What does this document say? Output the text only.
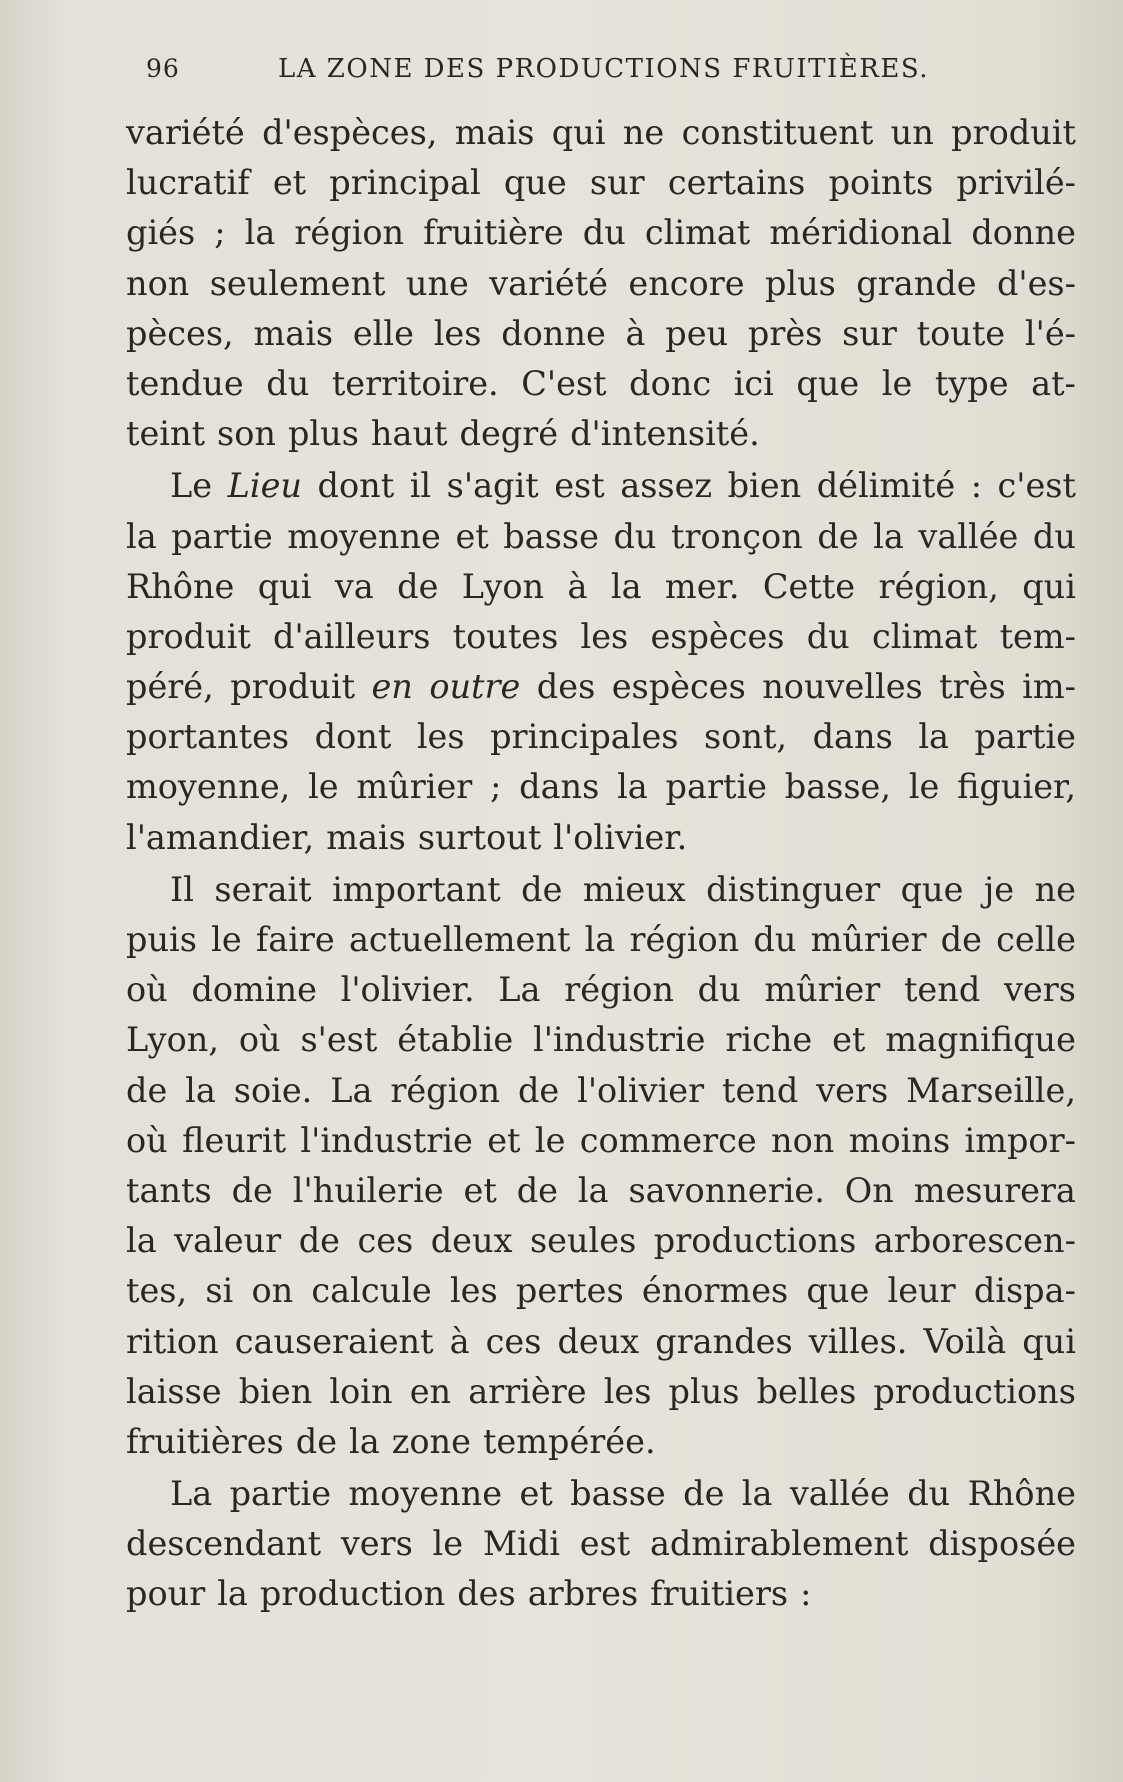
96	LA ZONE DES PRODUCTIONS FRUITIÈRES.
variété d'espèces, mais qui ne constituent un produit
lucratif et principal que sur certains points privilé-
giés ; la région fruitière du climat méridional donne
non seulement une variété encore plus grande d'es-
pèces, mais elle les donne à peu près sur toute l'é-
tendue du territoire. C'est donc ici que le type at-
teint son plus haut degré d'intensité.
Le Lieu dont il s'agit est assez bien délimité : c'est
la partie moyenne et basse du tronçon de la vallée du
Rhône qui va de Lyon à la mer. Cette région, qui
produit d'ailleurs toutes les espèces du climat tem-
péré, produit en outre des espèces nouvelles très im-
portantes dont les principales sont, dans la partie
moyenne, le mûrier ; dans la partie basse, le figuier,
l'amandier, mais surtout l'olivier.
Il serait important de mieux distinguer que je ne
puis le faire actuellement la région du mûrier de celle
où domine l'olivier. La région du mûrier tend vers
Lyon, où s'est établie l'industrie riche et magnifique
de la soie. La région de l'olivier tend vers Marseille,
où fleurit l'industrie et le commerce non moins impor-
tants de l'huilerie et de la savonnerie. On mesurera
la valeur de ces deux seules productions arborescen-
tes, si on calcule les pertes énormes que leur dispa-
rition causeraient à ces deux grandes villes. Voilà qui
laisse bien loin en arrière les plus belles productions
fruitières de la zone tempérée.
La partie moyenne et basse de la vallée du Rhône
descendant vers le Midi est admirablement disposée
pour la production des arbres fruitiers :
